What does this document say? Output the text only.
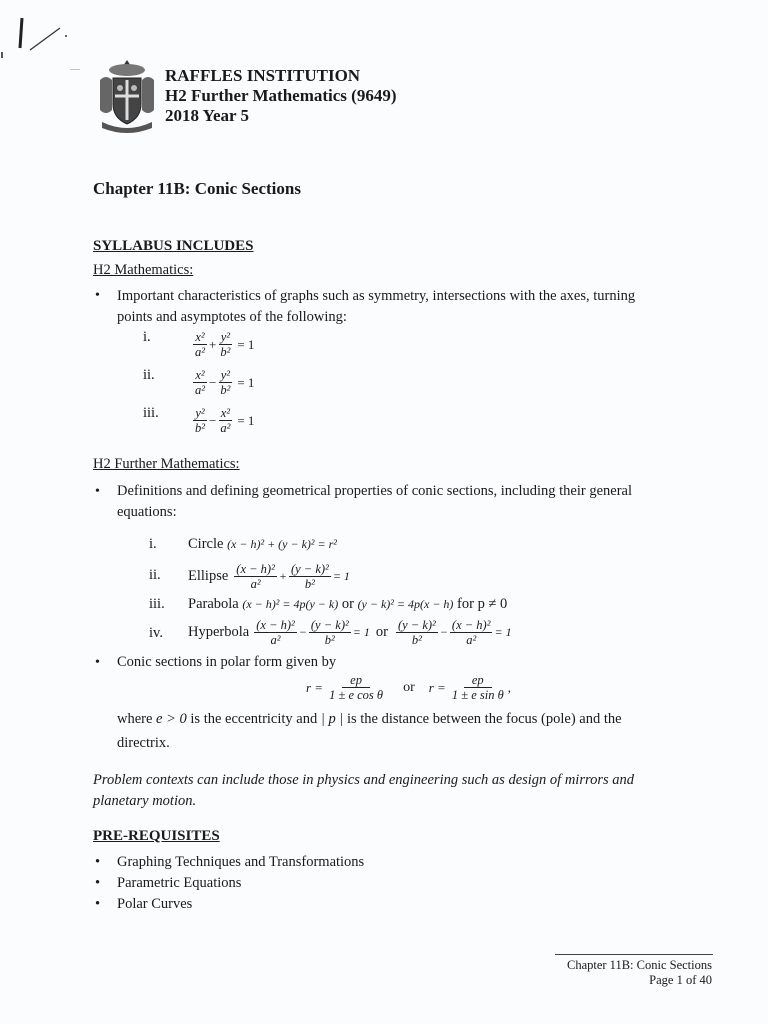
RAFFLES INSTITUTION
H2 Further Mathematics (9649)
2018 Year 5
Chapter 11B: Conic Sections
SYLLABUS INCLUDES
H2 Mathematics:
• Important characteristics of graphs such as symmetry, intersections with the axes, turning
points and asymptotes of the following:
i.	$\frac{\text{x²}}{\text{a²}} + \frac{\text{y²}}{\text{b²}} = 1$
ii.	$\frac{\text{x²}}{\text{a²}} - \frac{\text{y²}}{\text{b²}} = 1$
iii.	$\frac{\text{y²}}{\text{b²}} - \frac{\text{x²}}{\text{a²}} = 1$
H2 Further Mathematics:
• Definitions and defining geometrical properties of conic sections, including their general
equations:
i. Circle (x − h)² + (y − k)² = r²
ii. Ellipse $\frac{\text{(x − h)²}}{\text{a²}} + \frac{\text{(y − k)²}}{\text{b²}} = 1$
iii. Parabola (x − h)² = 4p(y − k) or (y − k)² = 4p(x − h) for p ≠ 0
iv. Hyperbola $\frac{\text{(x − h)²}}{\text{a²}} - \frac{\text{(y − k)²}}{\text{b²}} = 1$ or $\frac{\text{(y − k)²}}{\text{b²}} - \frac{\text{(x − h)²}}{\text{a²}} = 1$
• Conic sections in polar form given by
$r = \frac{ep}{\text{1 ± e cos θ}}$ or $r = \frac{ep}{\text{1 ± e sin θ}}$ ,
where e > 0 is the eccentricity and | p | is the distance between the focus (pole) and the
directrix.
Problem contexts can include those in physics and engineering such as design of mirrors and
planetary motion.
PRE-REQUISITES
• Graphing Techniques and Transformations
• Parametric Equations
• Polar Curves
Chapter 11B: Conic Sections
Page 1 of 40
